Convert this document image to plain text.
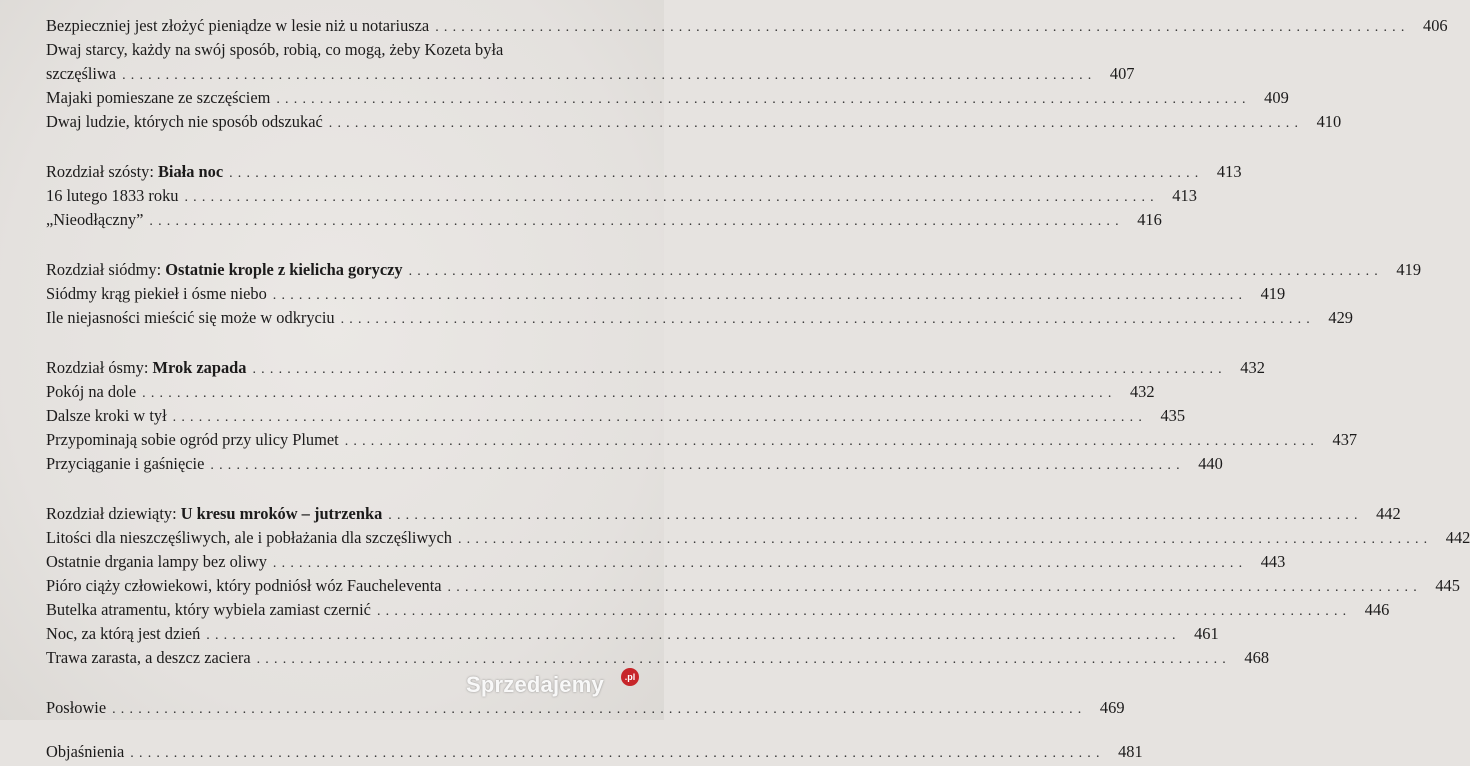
Bezpieczniej jest złożyć pieniądze w lesie niż u notariusza ................................................................................................................ 406
Dwaj starcy, każdy na swój sposób, robią, co mogą, żeby Kozeta była
szczęśliwa ................................................................................................................ 407
Majaki pomieszane ze szczęściem ................................................................................................................ 409
Dwaj ludzie, których nie sposób odszukać ................................................................................................................ 410
Rozdział szósty: Biała noc ................................................................................................................ 413
16 lutego 1833 roku ................................................................................................................ 413
„Nieodłączny” ................................................................................................................ 416
Rozdział siódmy: Ostatnie krople z kielicha goryczy ................................................................................................................ 419
Siódmy krąg piekieł i ósme niebo ................................................................................................................ 419
Ile niejasności mieścić się może w odkryciu ................................................................................................................ 429
Rozdział ósmy: Mrok zapada ................................................................................................................ 432
Pokój na dole ................................................................................................................ 432
Dalsze kroki w tył ................................................................................................................ 435
Przypominają sobie ogród przy ulicy Plumet ................................................................................................................ 437
Przyciąganie i gaśnięcie ................................................................................................................ 440
Rozdział dziewiąty: U kresu mroków – jutrzenka ................................................................................................................ 442
Litości dla nieszczęśliwych, ale i pobłażania dla szczęśliwych ................................................................................................................ 442
Ostatnie drgania lampy bez oliwy ................................................................................................................ 443
Pióro ciąży człowiekowi, który podniósł wóz Faucheleventa ................................................................................................................ 445
Butelka atramentu, który wybiela zamiast czernić ................................................................................................................ 446
Noc, za którą jest dzień ................................................................................................................ 461
Trawa zarasta, a deszcz zaciera ................................................................................................................ 468
Posłowie ................................................................................................................ 469
Objaśnienia ................................................................................................................ 481
Sprzedajemy	.pl
